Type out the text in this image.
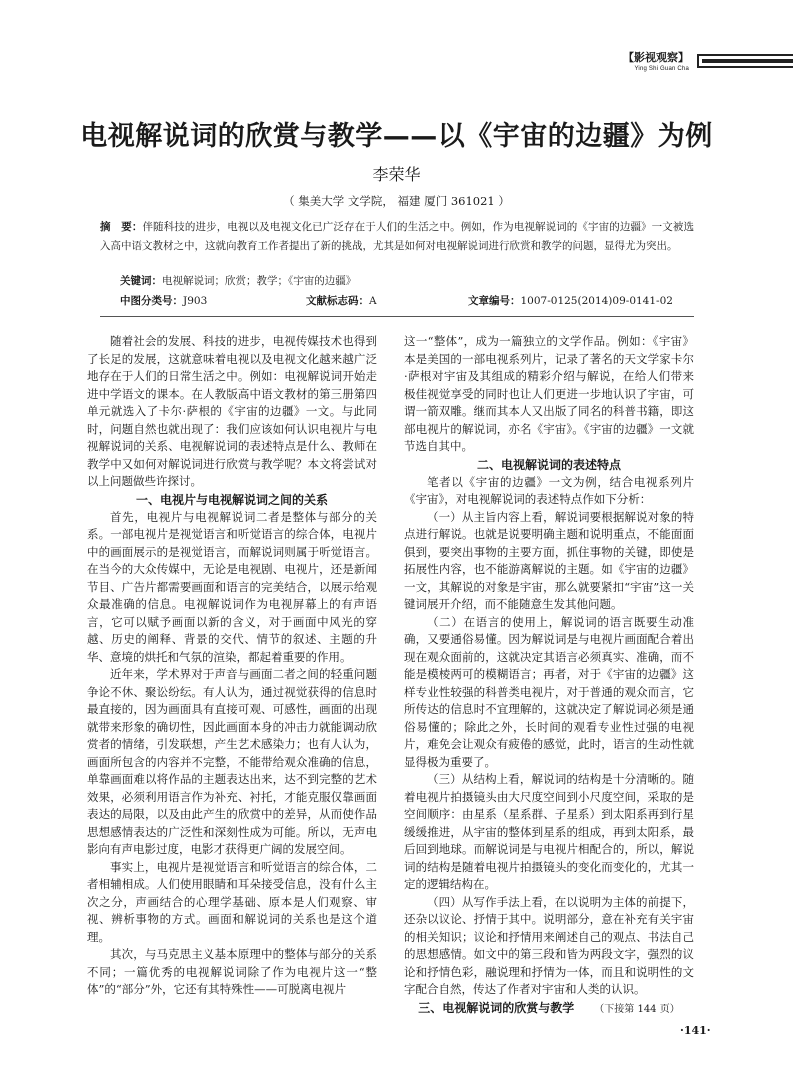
【影视观察】
Ying Shi Guan Cha
电视解说词的欣赏与教学——以《宇宙的边疆》为例
李荣华
（ 集美大学 文学院， 福建 厦门 361021 ）

摘　要：伴随科技的进步，电视以及电视文化已广泛存在于人们的生活之中。例如，作为电视解说词的《宇宙的边疆》一文被选入高中语文教材之中，这就向教育工作者提出了新的挑战，尤其是如何对电视解说词进行欣赏和教学的问题，显得尤为突出。

关键词：电视解说词；欣赏；教学；《宇宙的边疆》
中图分类号：J903	文献标志码：A	文章编号：1007-0125(2014)09-0141-02

随着社会的发展、科技的进步，电视传媒技术也得到了长足的发展，这就意味着电视以及电视文化越来越广泛地存在于人们的日常生活之中。例如：电视解说词开始走进中学语文的课本。在人教版高中语文教材的第三册第四单元就选入了卡尔·萨根的《宇宙的边疆》一文。与此同时，问题自然也就出现了：我们应该如何认识电视片与电视解说词的关系、电视解说词的表述特点是什么、教师在教学中又如何对解说词进行欣赏与教学呢？本文将尝试对以上问题做些许探讨。

一、电视片与电视解说词之间的关系

首先，电视片与电视解说词二者是整体与部分的关系。一部电视片是视觉语言和听觉语言的综合体，电视片中的画面展示的是视觉语言，而解说词则属于听觉语言。在当今的大众传媒中，无论是电视剧、电视片，还是新闻节目、广告片都需要画面和语言的完美结合，以展示给观众最准确的信息。电视解说词作为电视屏幕上的有声语言，它可以赋予画面以新的含义，对于画面中风光的穿越、历史的阐释、背景的交代、情节的叙述、主题的升华、意境的烘托和气氛的渲染，都起着重要的作用。

近年来，学术界对于声音与画面二者之间的轻重问题争论不休、聚讼纷纭。有人认为，通过视觉获得的信息时最直接的，因为画面具有直接可观、可感性，画面的出现就带来形象的确切性，因此画面本身的冲击力就能调动欣赏者的情绪，引发联想，产生艺术感染力；也有人认为，画面所包含的内容并不完整，不能带给观众准确的信息，单靠画面难以将作品的主题表达出来，达不到完整的艺术效果，必须利用语言作为补充、衬托，才能克服仅靠画面表达的局限，以及由此产生的欣赏中的差异，从而使作品思想感情表达的广泛性和深刻性成为可能。所以，无声电影向有声电影过度，电影才获得更广阔的发展空间。

事实上，电视片是视觉语言和听觉语言的综合体，二者相辅相成。人们使用眼睛和耳朵接受信息，没有什么主次之分，声画结合的心理学基础、原本是人们观察、审视、辨析事物的方式。画面和解说词的关系也是这个道理。

其次，与马克思主义基本原理中的整体与部分的关系不同；一篇优秀的电视解说词除了作为电视片这一“整体”的“部分”外，它还有其特殊性——可脱离电视片

这一“整体”，成为一篇独立的文学作品。例如：《宇宙》本是美国的一部电视系列片，记录了著名的天文学家卡尔·萨根对宇宙及其组成的精彩介绍与解说，在给人们带来极佳视觉享受的同时也让人们更进一步地认识了宇宙，可谓一箭双雕。继而其本人又出版了同名的科普书籍，即这部电视片的解说词，亦名《宇宙》。《宇宙的边疆》一文就节选自其中。

二、电视解说词的表述特点

笔者以《宇宙的边疆》一文为例，结合电视系列片《宇宙》，对电视解说词的表述特点作如下分析：

（一）从主旨内容上看，解说词要根据解说对象的特点进行解说。也就是说要明确主题和说明重点，不能面面俱到，要突出事物的主要方面，抓住事物的关键，即使是拓展性内容，也不能游离解说的主题。如《宇宙的边疆》一文，其解说的对象是宇宙，那么就要紧扣“宇宙”这一关键词展开介绍，而不能随意生发其他问题。

（二）在语言的使用上，解说词的语言既要生动准确，又要通俗易懂。因为解说词是与电视片画面配合着出现在观众面前的，这就决定其语言必须真实、准确，而不能是模棱两可的模糊语言；再者，对于《宇宙的边疆》这样专业性较强的科普类电视片，对于普通的观众而言，它所传达的信息时不宜理解的，这就决定了解说词必须是通俗易懂的；除此之外，长时间的观看专业性过强的电视片，难免会让观众有疲倦的感觉，此时，语言的生动性就显得极为重要了。

（三）从结构上看，解说词的结构是十分清晰的。随着电视片拍摄镜头由大尺度空间到小尺度空间，采取的是空间顺序：由星系（星系群、子星系）到太阳系再到行星缓缓推进，从宇宙的整体到星系的组成，再到太阳系，最后回到地球。而解说词是与电视片相配合的，所以，解说词的结构是随着电视片拍摄镜头的变化而变化的，尤其一定的逻辑结构在。

（四）从写作手法上看，在以说明为主体的前提下，还杂以议论、抒情于其中。说明部分，意在补充有关宇宙的相关知识；议论和抒情用来阐述自己的观点、书法自己的思想感情。如文中的第三段和皆为两段文字，强烈的议论和抒情色彩，融说理和抒情为一体，而且和说明性的文字配合自然，传达了作者对宇宙和人类的认识。

三、电视解说词的欣赏与教学 （下接第 144 页）
·141·
